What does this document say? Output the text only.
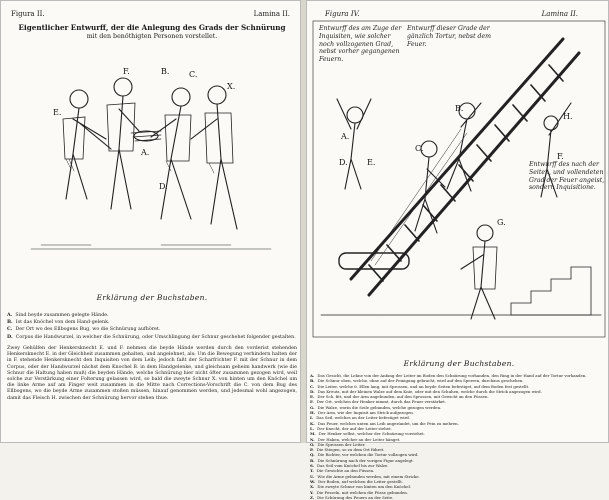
Figura II.	Lamina II.
Eigentlicher Entwurff, der die Anlegung des Grads der Schnürung
mit den benöthigten Personen vorstellet.
E.
F.	B. C.
D.
A.
X.
Erklärung der Buchstaben.
A. Sind beyde zusammen gelegte Hände.
B. Ist das Knöchel von dem Hand-gelenk.
C. Der Ort wo des Ellbogens Bug, wo die Schnürung aufhöret.
D. Corpus die Handwurzel, in welcher die Schnürung, oder Umschlingung der Schnur geschehet folgender gestalten.
Zwey Gehülfen der Henkersknecht E. und F. nehmen die beyde Hände werden durch den vorderist stehenden Henkersknecht E. in der Gleichheit zusammen gehalten, und angelehnet, als: Um die Bewegung verhindern halten der in F. stehende Henkersknecht den Inquisiten von dem Leib; jedoch faßt der Scharfrichter F. mit der Schnur in dem Corpus, oder der Handwurzel nächst dem Knochel B. in dem Handgelenke, und gleichsam geheim handwerk (wie die Schnur die Haltung haben muß) die beyden Hände, welche Schnürung hier nicht öfter zusammen gezogen wird, weil solche zur Verstärkung einer Folterung gelassen wird, so bald die zweyte Schnur X. von hinten um den Knöchel um die linke Arme auf am Finger weit zusammen in die Mitte nach Corrections-Vorschrift die C. von dem Bug des Ellbogens, wo die beyde Arme zusammen stoßen müssen, hinauf genommen werden, und jedesmal wohl angezogen, damit das Fleisch H. zwischen der Schnürung hervor stehen thue.
Figura IV.	Lamina II.
Entwurff des am Zuge der Inquisiten, wie solcher noch vollzogenen Grad, nebst vorher gegangenen Feuern.
Entwurff dieser Grade der gänzlich Tortur, nebst dem Feuer.
Entwurff des nach der Seiten, und vollendeten Grad der Feuer angeist, sondern Inquisitione.
A.
B.
C.
D. E.
F.
G.
H.
Erklärung der Buchstaben.
A. Das Gesicht, die Lehne von der Anfang der Leiter im Boden den Schnürung vorhanden, den Ring in der Hand auf der Tortur vorhanden.
B. Die Schnur oben, welche, ohne auf der Peinigung gebracht, wird auf den Sperren, durchaus geschehen.
C. Die Leiter, welche 6. Ellen lang, mit Sprossen, und an beyde Seiten befestiget, auf dem Boden fest gestellt.
D. Das Kreutz, mit der kleinen Walze auf dem Knie, oder mit den Schuhen, welche durch die Strick angezogen wird.
E. Der Sch. fitt, und der Arm angebunden, auf den Sprossen, mit Gewicht an den Füssen.
F. Der Ort, welchen der Henker nimmt, durch das Feuer verstärket.
G. Die Walze, worin die Seile gebunden, welche gezogen werden.
H. Der Arm, wie der Inquisit am Strick aufgezogen.
I. Das Seil, welches an der Leiter befestiget wird.
K. Das Feuer, welches unten am Leib angezündet, um die Pein zu mehren.
L. Der Knecht, der auf der Leiter stehet.
M. Der Henker selbst, welcher der Schnürung vorstehet.
N. Der Haken, welcher an der Leiter hänget.
O. Die Sprossen der Leiter.
P. Die Stiegen, so zu dem Ort führet.
Q. Die Richter, vor welchen die Tortur vollzogen wird.
R. Die Schnürung nach der vorigen Figur angelegt.
S. Das Seil vom Knöchel bis zur Walze.
T. Die Gewichte an den Füssen.
U. Wie die Arme gebunden werden, mit einem Stricke.
W. Der Boden, auf welchen die Leiter gestellt.
X. Die zweyte Schnur von hinten um den Knöchel.
Y. Die Fesseln, mit welchen die Füsse gebunden.
Z. Die Schürung des Feuers an der Seite.
